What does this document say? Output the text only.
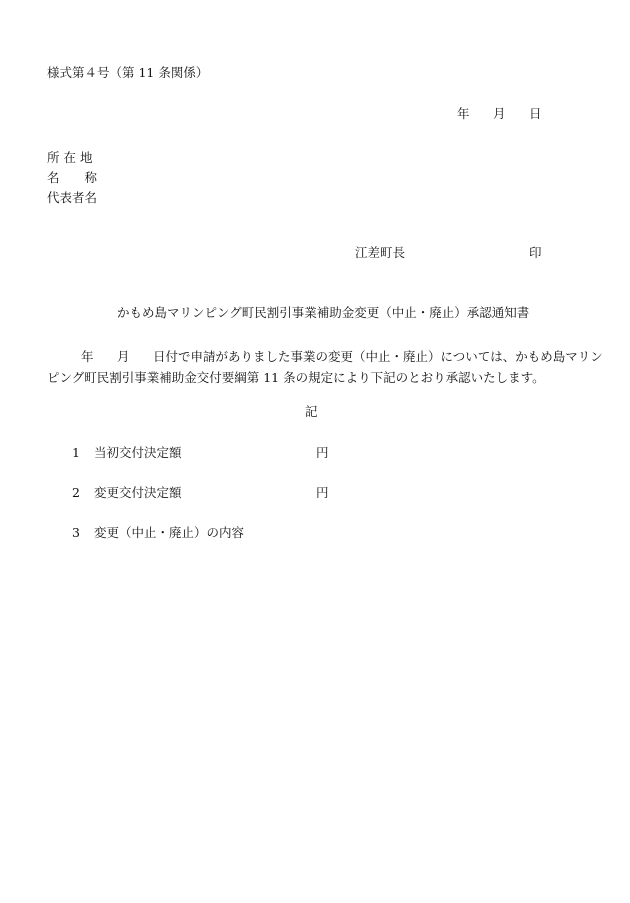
様式第４号（第 11 条関係）
年 月 日
所 在 地
名　　称
代表者名
江差町長	印
かもめ島マリンピング町民割引事業補助金変更（中止・廃止）承認通知書
年 月 日付で申請がありました事業の変更（中止・廃止）については、かもめ島マリン
ピング町民割引事業補助金交付要綱第 11 条の規定により下記のとおり承認いたします。
記
1 当初交付決定額	円
2 変更交付決定額	円
3 変更（中止・廃止）の内容
